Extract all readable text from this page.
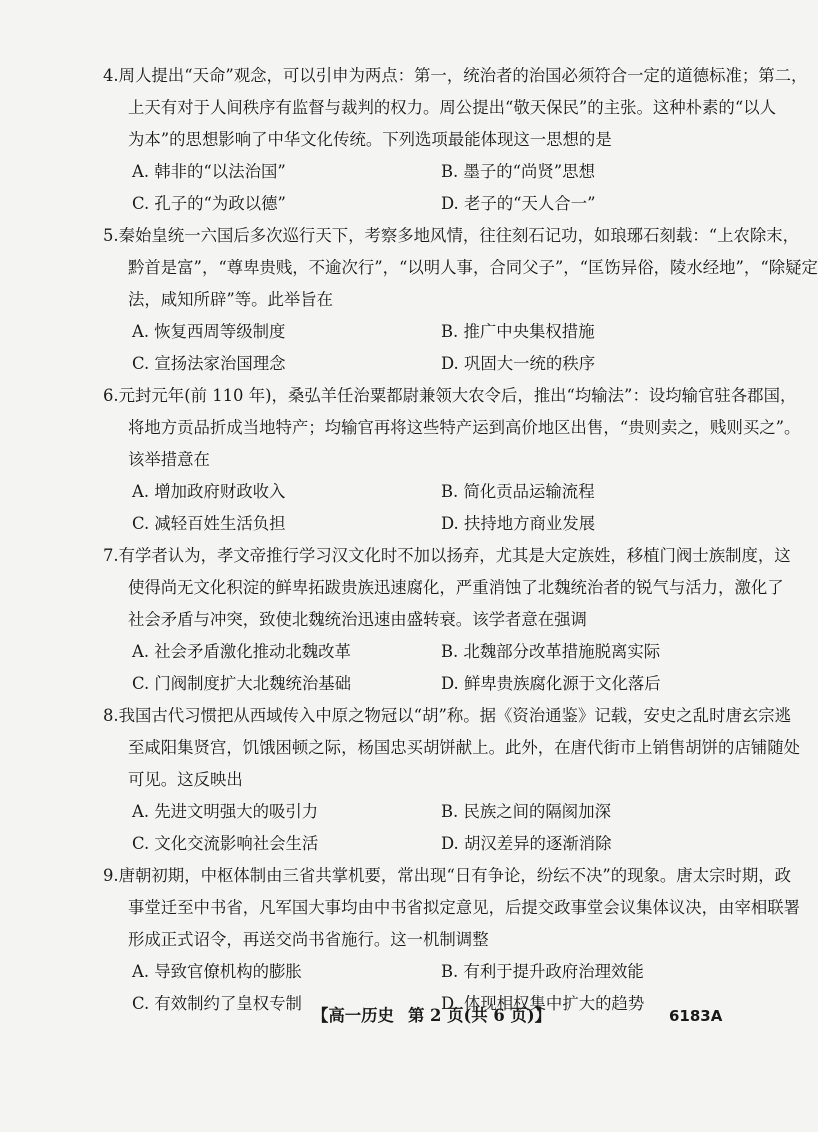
4.周人提出“天命”观念，可以引申为两点：第一，统治者的治国必须符合一定的道德标准；第二，
上天有对于人间秩序有监督与裁判的权力。周公提出“敬天保民”的主张。这种朴素的“以人
为本”的思想影响了中华文化传统。下列选项最能体现这一思想的是
A. 韩非的“以法治国”	B. 墨子的“尚贤”思想
C. 孔子的“为政以德”	D. 老子的“天人合一”
5.秦始皇统一六国后多次巡行天下，考察多地风情，往往刻石记功，如琅琊石刻载：“上农除末，
黔首是富”，“尊卑贵贱，不逾次行”，“以明人事，合同父子”，“匡饬异俗，陵水经地”，“除疑定
法，咸知所辟”等。此举旨在
A. 恢复西周等级制度	B. 推广中央集权措施
C. 宣扬法家治国理念	D. 巩固大一统的秩序
6.元封元年(前 110 年)，桑弘羊任治粟都尉兼领大农令后，推出“均输法”：设均输官驻各郡国，
将地方贡品折成当地特产；均输官再将这些特产运到高价地区出售，“贵则卖之，贱则买之”。
该举措意在
A. 增加政府财政收入	B. 简化贡品运输流程
C. 减轻百姓生活负担	D. 扶持地方商业发展
7.有学者认为，孝文帝推行学习汉文化时不加以扬弃，尤其是大定族姓，移植门阀士族制度，这
使得尚无文化积淀的鲜卑拓跋贵族迅速腐化，严重消蚀了北魏统治者的锐气与活力，激化了
社会矛盾与冲突，致使北魏统治迅速由盛转衰。该学者意在强调
A. 社会矛盾激化推动北魏改革	B. 北魏部分改革措施脱离实际
C. 门阀制度扩大北魏统治基础	D. 鲜卑贵族腐化源于文化落后
8.我国古代习惯把从西域传入中原之物冠以“胡”称。据《资治通鉴》记载，安史之乱时唐玄宗逃
至咸阳集贤宫，饥饿困顿之际，杨国忠买胡饼献上。此外，在唐代街市上销售胡饼的店铺随处
可见。这反映出
A. 先进文明强大的吸引力	B. 民族之间的隔阂加深
C. 文化交流影响社会生活	D. 胡汉差异的逐渐消除
9.唐朝初期，中枢体制由三省共掌机要，常出现“日有争论，纷纭不决”的现象。唐太宗时期，政
事堂迁至中书省，凡军国大事均由中书省拟定意见，后提交政事堂会议集体议决，由宰相联署
形成正式诏令，再送交尚书省施行。这一机制调整
A. 导致官僚机构的膨胀	B. 有利于提升政府治理效能
C. 有效制约了皇权专制	D. 体现相权集中扩大的趋势
【高一历史 第 2 页(共 6 页)】	6183A
